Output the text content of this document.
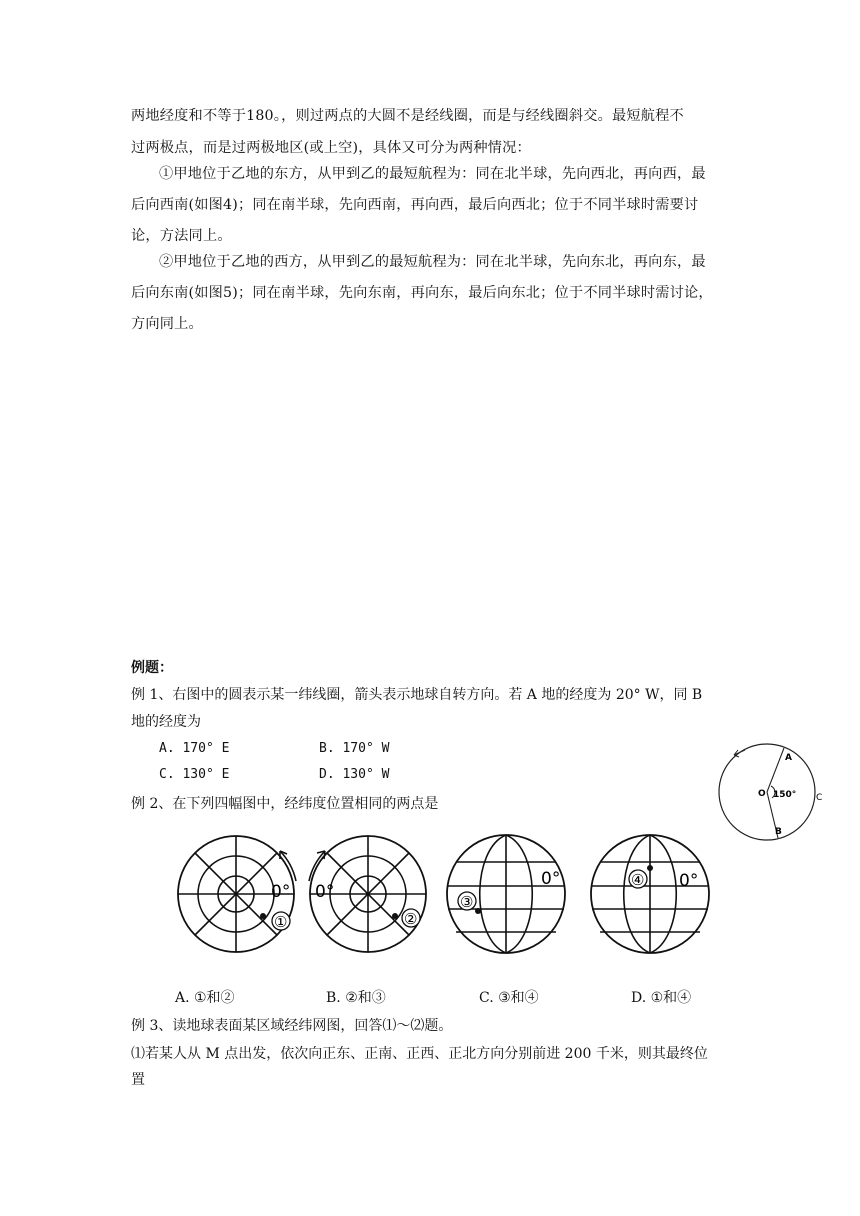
两地经度和不等于180。，则过两点的大圆不是经线圈，而是与经线圈斜交。最短航程不
过两极点，而是过两极地区(或上空)，具体又可分为两种情况：
①甲地位于乙地的东方，从甲到乙的最短航程为：同在北半球，先向西北，再向西，最
后向西南(如图4)；同在南半球，先向西南，再向西，最后向西北；位于不同半球时需要讨
论，方法同上。
②甲地位于乙地的西方，从甲到乙的最短航程为：同在北半球，先向东北，再向东，最
后向东南(如图5)；同在南半球，先向东南，再向东，最后向东北；位于不同半球时需讨论，
方向同上。
例题：
例 1、右图中的圆表示某一纬线圈，箭头表示地球自转方向。若 A 地的经度为 20° W，同 B
地的经度为
A. 170° E	B. 170° W
C. 130° E	D. 130° W
A
B
C
O 150°
例 2、在下列四幅图中，经纬度位置相同的两点是
0°
①
0°
②
③
0°	④ 0°
A. ①和②	B. ②和③	C. ③和④	D. ①和④
例 3、读地球表面某区域经纬网图，回答⑴～⑵题。
⑴若某人从 M 点出发，依次向正东、正南、正西、正北方向分别前进 200 千米，则其最终位
置
